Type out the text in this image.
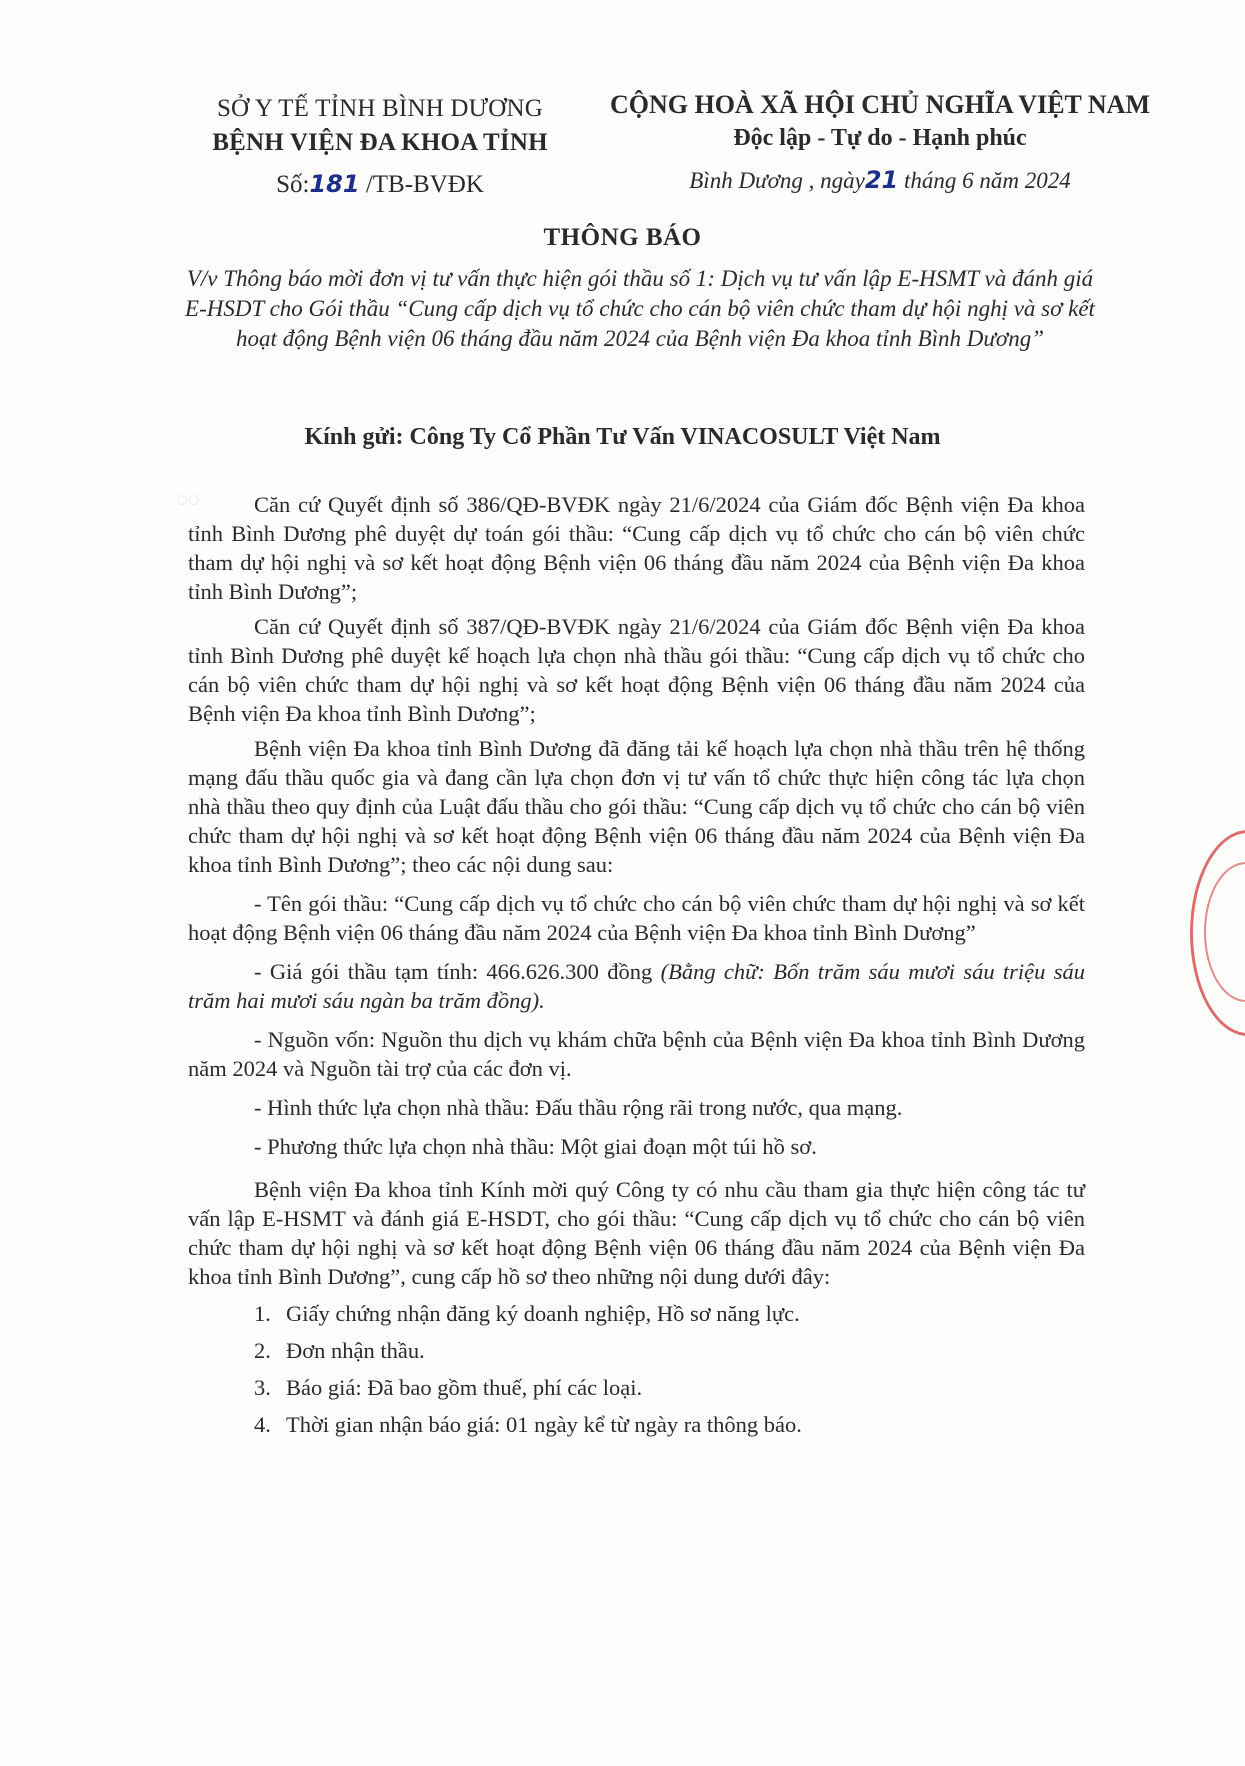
SỞ Y TẾ TỈNH BÌNH DƯƠNG
BỆNH VIỆN ĐA KHOA TỈNH
Số:181 /TB-BVĐK
CỘNG HOÀ XÃ HỘI CHỦ NGHĨA VIỆT NAM
Độc lập - Tự do - Hạnh phúc
Bình Dương , ngày21 tháng 6 năm 2024
THÔNG BÁO
V/v Thông báo mời đơn vị tư vấn thực hiện gói thầu số 1: Dịch vụ tư vấn lập E-HSMT và đánh giá E-HSDT cho Gói thầu “Cung cấp dịch vụ tổ chức cho cán bộ viên chức tham dự hội nghị và sơ kết hoạt động Bệnh viện 06 tháng đầu năm 2024 của Bệnh viện Đa khoa tỉnh Bình Dương”
Kính gửi: Công Ty Cổ Phần Tư Vấn VINACOSULT Việt Nam
◌◌	Căn cứ Quyết định số 386/QĐ-BVĐK ngày 21/6/2024 của Giám đốc Bệnh viện Đa khoa tỉnh Bình Dương phê duyệt dự toán gói thầu: “Cung cấp dịch vụ tổ chức cho cán bộ viên chức tham dự hội nghị và sơ kết hoạt động Bệnh viện 06 tháng đầu năm 2024 của Bệnh viện Đa khoa tỉnh Bình Dương”;

Căn cứ Quyết định số 387/QĐ-BVĐK ngày 21/6/2024 của Giám đốc Bệnh viện Đa khoa tỉnh Bình Dương phê duyệt kế hoạch lựa chọn nhà thầu gói thầu: “Cung cấp dịch vụ tổ chức cho cán bộ viên chức tham dự hội nghị và sơ kết hoạt động Bệnh viện 06 tháng đầu năm 2024 của Bệnh viện Đa khoa tỉnh Bình Dương”;

Bệnh viện Đa khoa tỉnh Bình Dương đã đăng tải kế hoạch lựa chọn nhà thầu trên hệ thống mạng đấu thầu quốc gia và đang cần lựa chọn đơn vị tư vấn tổ chức thực hiện công tác lựa chọn nhà thầu theo quy định của Luật đấu thầu cho gói thầu: “Cung cấp dịch vụ tổ chức cho cán bộ viên chức tham dự hội nghị và sơ kết hoạt động Bệnh viện 06 tháng đầu năm 2024 của Bệnh viện Đa khoa tỉnh Bình Dương”; theo các nội dung sau:

- Tên gói thầu: “Cung cấp dịch vụ tổ chức cho cán bộ viên chức tham dự hội nghị và sơ kết hoạt động Bệnh viện 06 tháng đầu năm 2024 của Bệnh viện Đa khoa tỉnh Bình Dương”

- Giá gói thầu tạm tính: 466.626.300 đồng (Bằng chữ: Bốn trăm sáu mươi sáu triệu sáu trăm hai mươi sáu ngàn ba trăm đồng).

- Nguồn vốn: Nguồn thu dịch vụ khám chữa bệnh của Bệnh viện Đa khoa tỉnh Bình Dương năm 2024 và Nguồn tài trợ của các đơn vị.

- Hình thức lựa chọn nhà thầu: Đấu thầu rộng rãi trong nước, qua mạng.

- Phương thức lựa chọn nhà thầu: Một giai đoạn một túi hồ sơ.

Bệnh viện Đa khoa tỉnh Kính mời quý Công ty có nhu cầu tham gia thực hiện công tác tư vấn lập E-HSMT và đánh giá E-HSDT, cho gói thầu: “Cung cấp dịch vụ tổ chức cho cán bộ viên chức tham dự hội nghị và sơ kết hoạt động Bệnh viện 06 tháng đầu năm 2024 của Bệnh viện Đa khoa tỉnh Bình Dương”, cung cấp hồ sơ theo những nội dung dưới đây:

1. Giấy chứng nhận đăng ký doanh nghiệp, Hồ sơ năng lực.
2. Đơn nhận thầu.
3. Báo giá: Đã bao gồm thuế, phí các loại.
4. Thời gian nhận báo giá: 01 ngày kể từ ngày ra thông báo.
